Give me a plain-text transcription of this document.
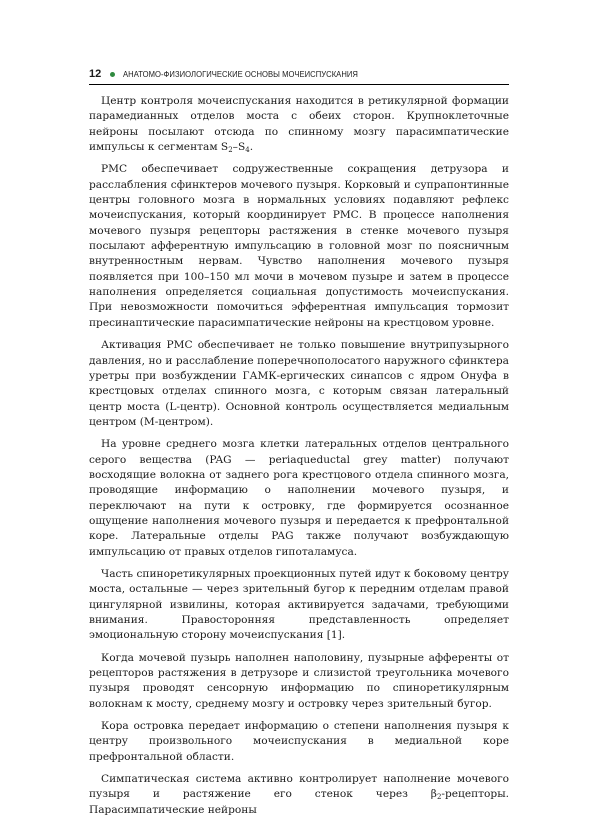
12	АНАТОМО-ФИЗИОЛОГИЧЕСКИЕ ОСНОВЫ МОЧЕИСПУСКАНИЯ

Центр контроля мочеиспускания находится в ретикулярной формации парамедианных отделов моста с обеих сторон. Крупноклеточные нейроны посылают отсюда по спинному мозгу парасимпатические импульсы к сегментам $S_2-S_4$.

РМС обеспечивает содружественные сокращения детрузора и расслабления сфинктеров мочевого пузыря. Корковый и супрапонтинные центры головного мозга в нормальных условиях подавляют рефлекс мочеиспускания, который координирует РМС. В процессе наполнения мочевого пузыря рецепторы растяжения в стенке мочевого пузыря посылают афферентную импульсацию в головной мозг по поясничным внутренностным нервам. Чувство наполнения мочевого пузыря появляется при 100–150 мл мочи в мочевом пузыре и затем в процессе наполнения определяется социальная допустимость мочеиспускания. При невозможности помочиться эфферентная импульсация тормозит пресинаптические парасимпатические нейроны на крестцовом уровне.

Активация РМС обеспечивает не только повышение внутрипузырного давления, но и расслабление поперечнополосатого наружного сфинктера уретры при возбуждении ГАМК-ергических синапсов с ядром Онуфа в крестцовых отделах спинного мозга, с которым связан латеральный центр моста (L-центр). Основной контроль осуществляется медиальным центром (М-центром).

На уровне среднего мозга клетки латеральных отделов центрального серого вещества (PAG — periaqueductal grey matter) получают восходящие волокна от заднего рога крестцового отдела спинного мозга, проводящие информацию о наполнении мочевого пузыря, и переключают на пути к островку, где формируется осознанное ощущение наполнения мочевого пузыря и передается к префронтальной коре. Латеральные отделы PAG также получают возбуждающую импульсацию от правых отделов гипоталамуса.

Часть спиноретикулярных проекционных путей идут к боковому центру моста, остальные — через зрительный бугор к передним отделам правой цингулярной извилины, которая активируется задачами, требующими внимания. Правосторонняя представленность определяет эмоциональную сторону мочеиспускания [1].

Когда мочевой пузырь наполнен наполовину, пузырные афференты от рецепторов растяжения в детрузоре и слизистой треугольника мочевого пузыря проводят сенсорную информацию по спиноретикулярным волокнам к мосту, среднему мозгу и островку через зрительный бугор.

Кора островка передает информацию о степени наполнения пузыря к центру произвольного мочеиспускания в медиальной коре префронтальной области.

Симпатическая система активно контролирует наполнение мочевого пузыря и растяжение его стенок через $\beta_2$-рецепторы. Парасимпатические нейроны
